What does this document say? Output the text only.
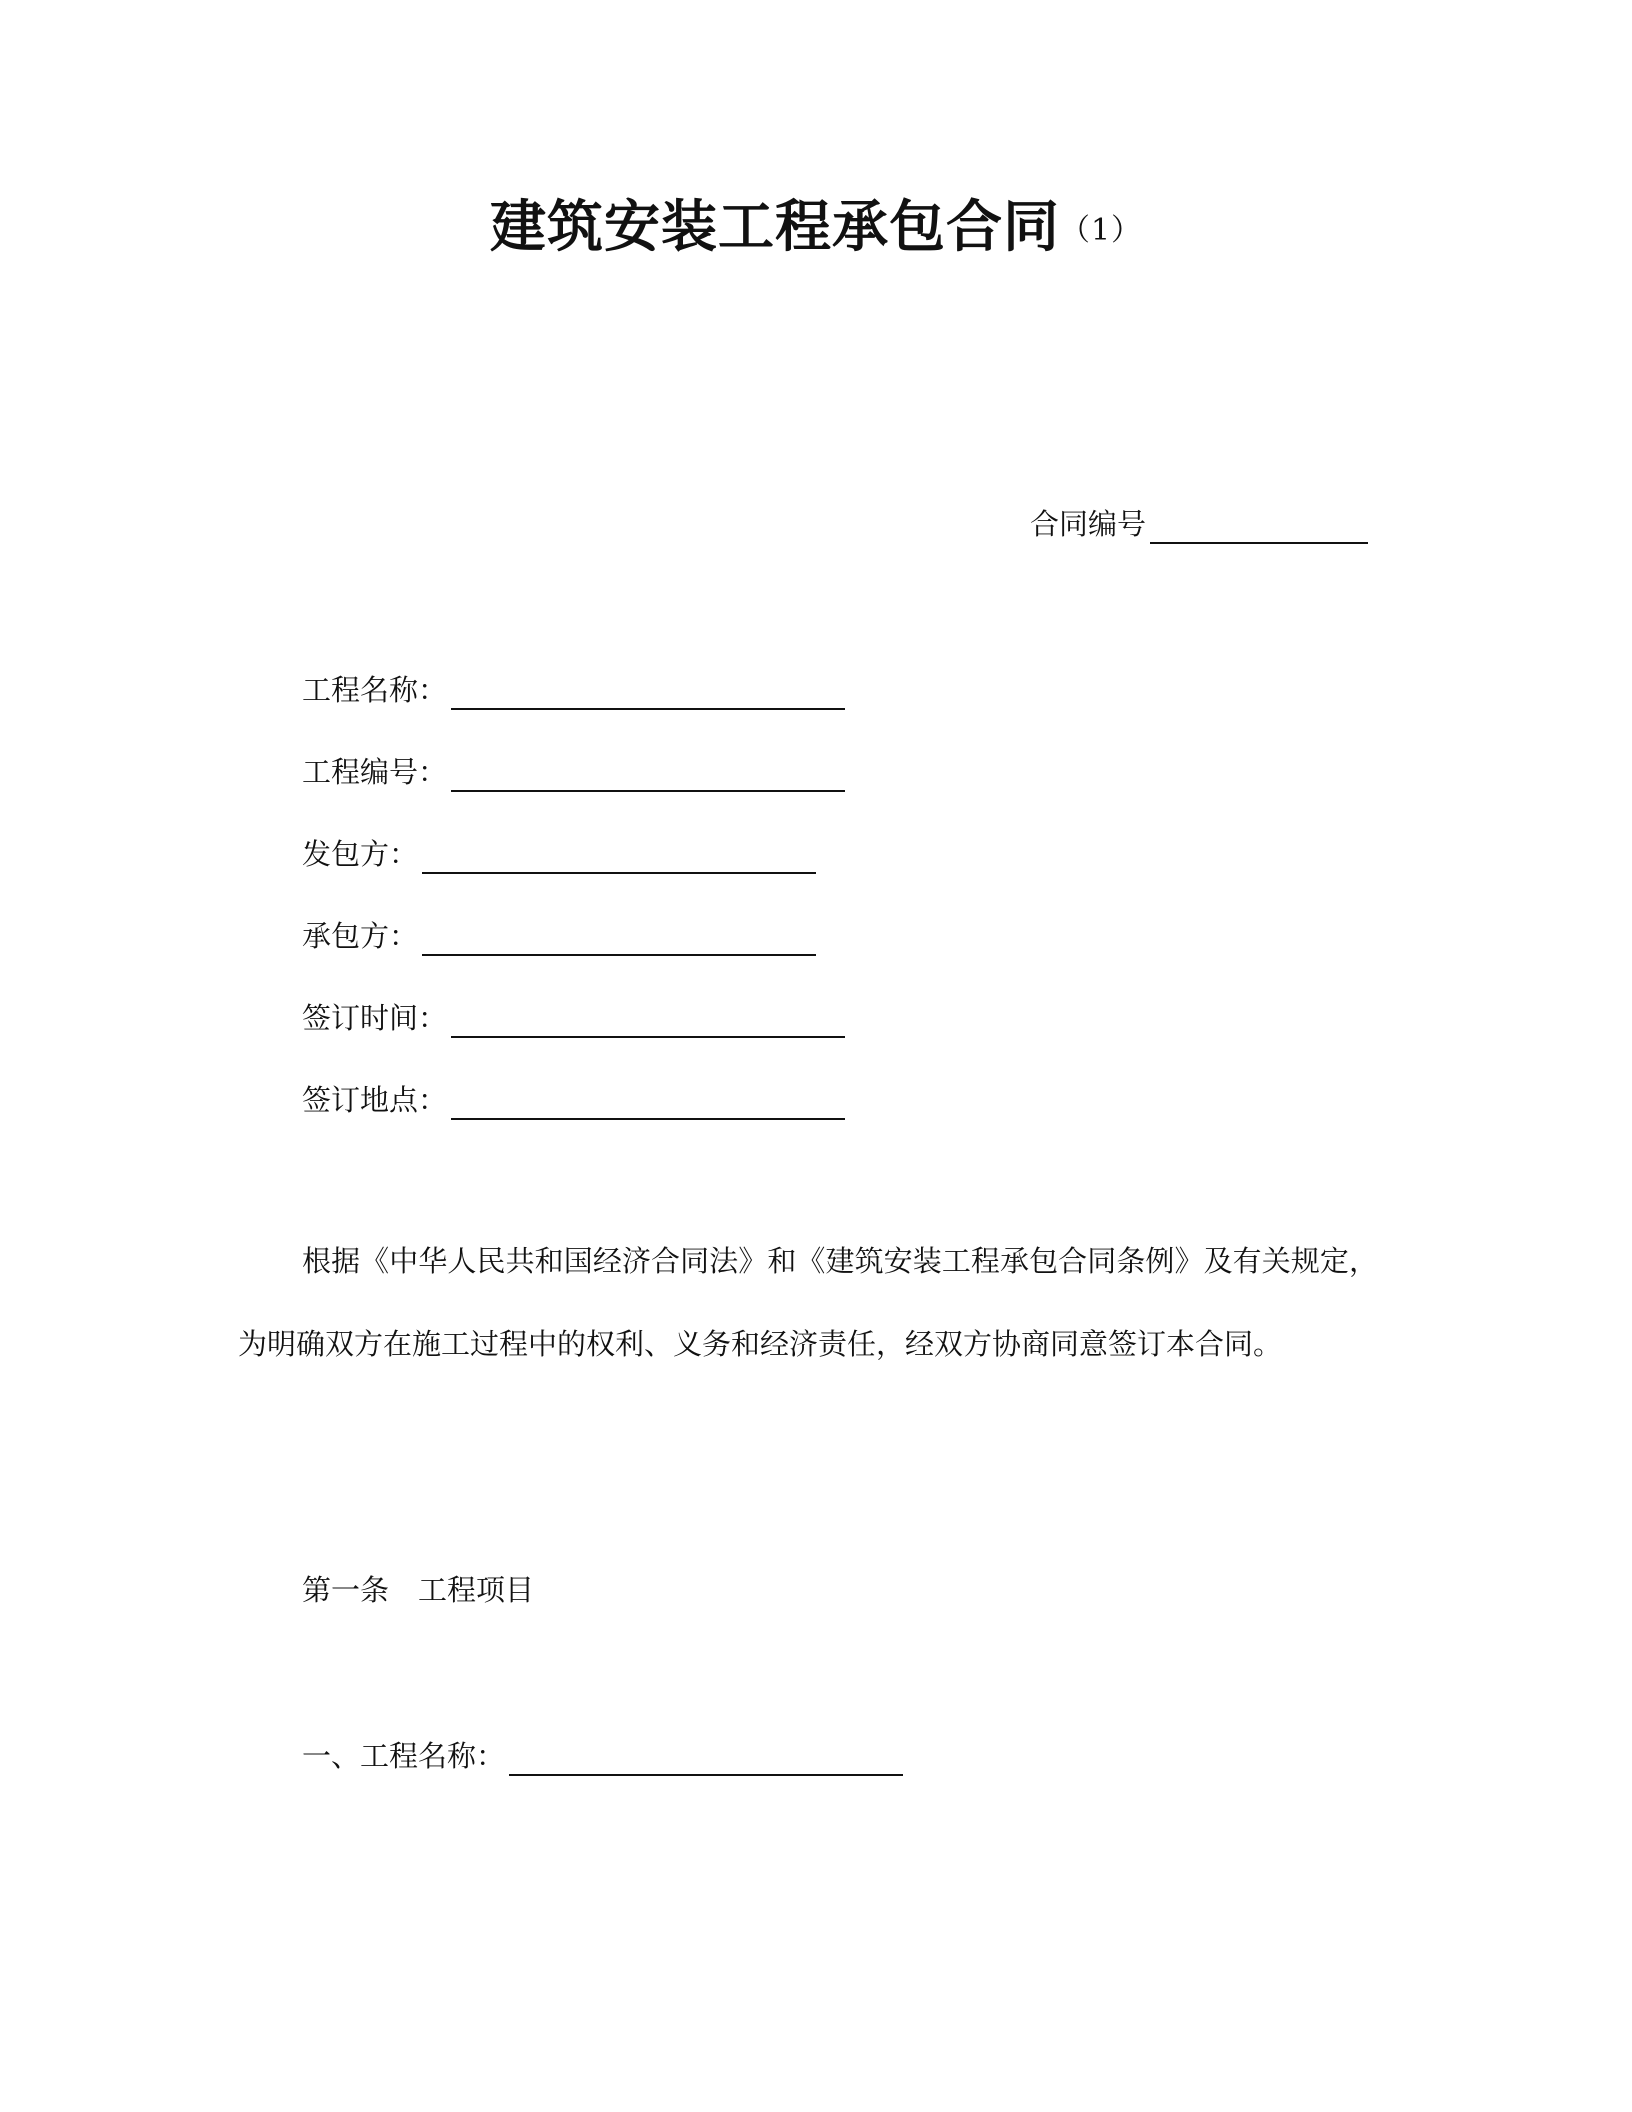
建筑安装工程承包合同（1）
合同编号
工程名称：
工程编号：
发包方：
承包方：
签订时间：
签订地点：
根据《中华人民共和国经济合同法》和《建筑安装工程承包合同条例》及有关规定，为明确双方在施工过程中的权利、义务和经济责任，经双方协商同意签订本合同。
第一条　工程项目
一、工程名称：
